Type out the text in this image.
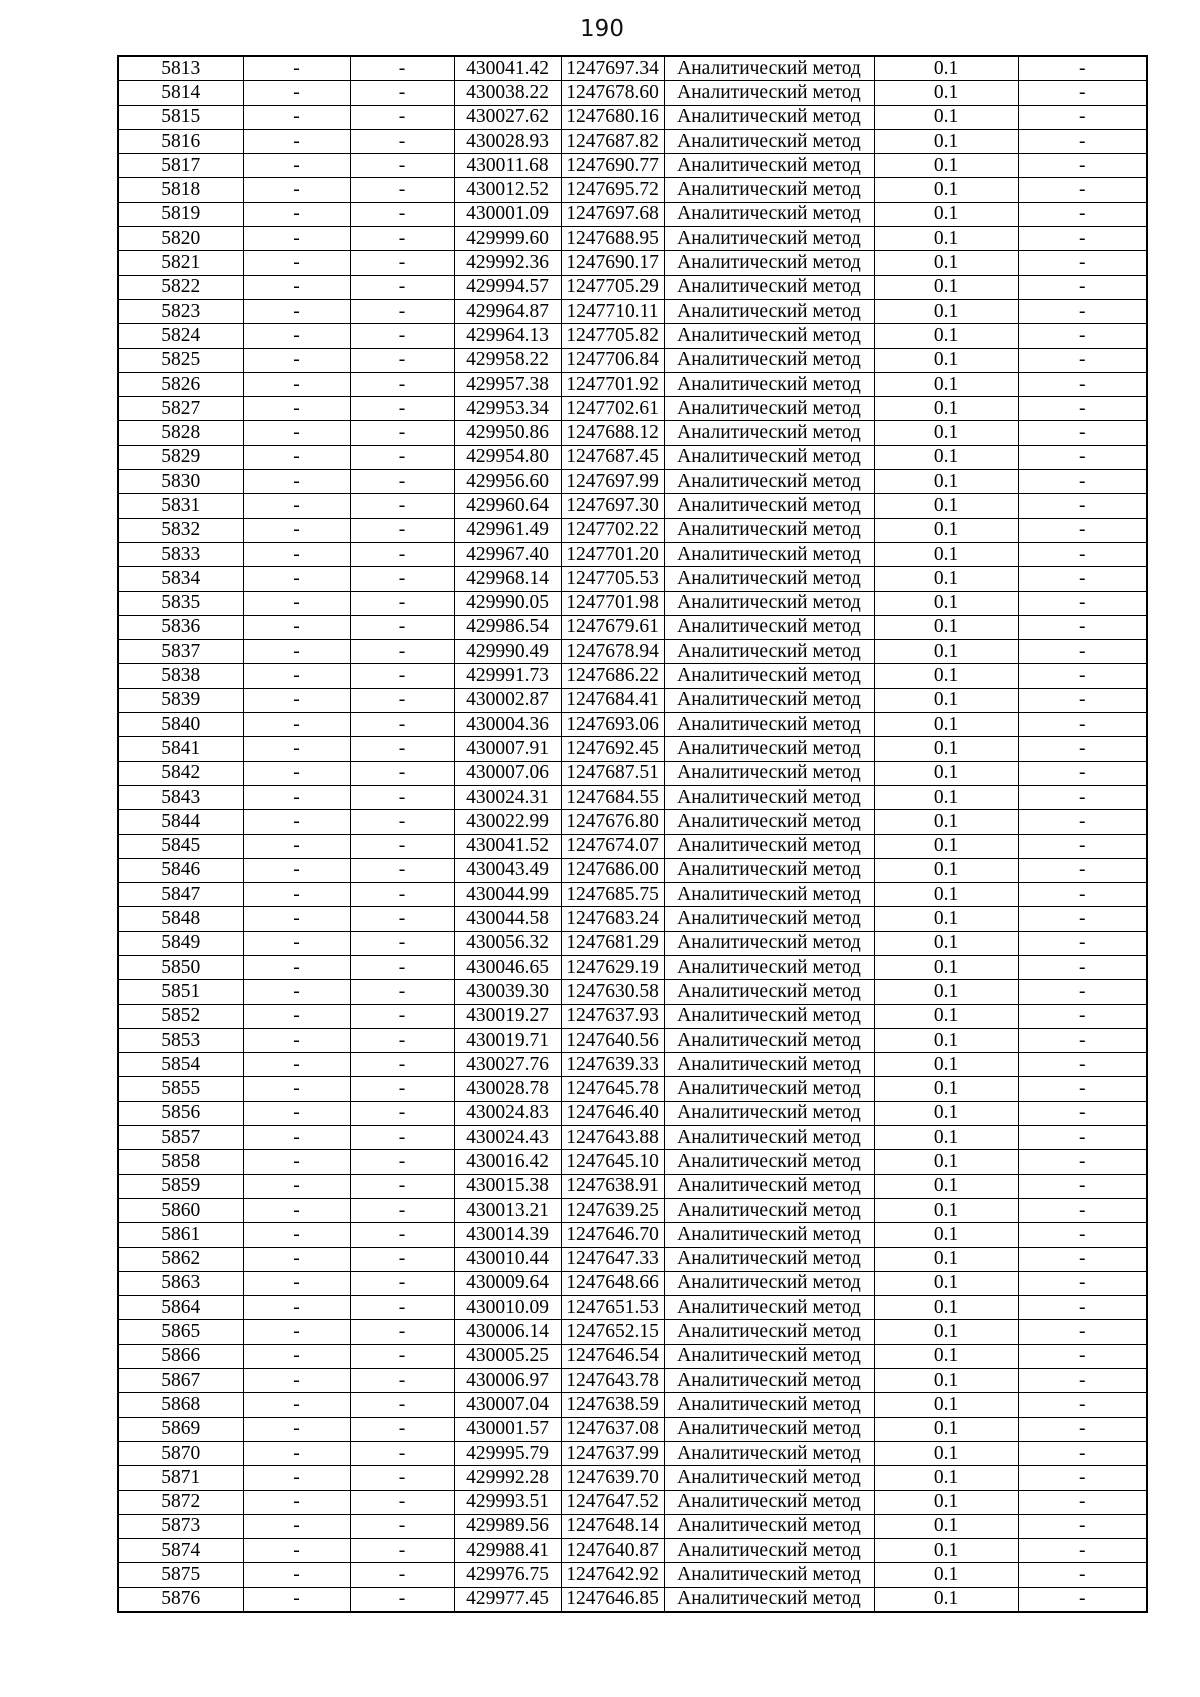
190
5813	-	-	430041.42	1247697.34	Аналитический метод	0.1	-
5814	-	-	430038.22	1247678.60	Аналитический метод	0.1	-
5815	-	-	430027.62	1247680.16	Аналитический метод	0.1	-
5816	-	-	430028.93	1247687.82	Аналитический метод	0.1	-
5817	-	-	430011.68	1247690.77	Аналитический метод	0.1	-
5818	-	-	430012.52	1247695.72	Аналитический метод	0.1	-
5819	-	-	430001.09	1247697.68	Аналитический метод	0.1	-
5820	-	-	429999.60	1247688.95	Аналитический метод	0.1	-
5821	-	-	429992.36	1247690.17	Аналитический метод	0.1	-
5822	-	-	429994.57	1247705.29	Аналитический метод	0.1	-
5823	-	-	429964.87	1247710.11	Аналитический метод	0.1	-
5824	-	-	429964.13	1247705.82	Аналитический метод	0.1	-
5825	-	-	429958.22	1247706.84	Аналитический метод	0.1	-
5826	-	-	429957.38	1247701.92	Аналитический метод	0.1	-
5827	-	-	429953.34	1247702.61	Аналитический метод	0.1	-
5828	-	-	429950.86	1247688.12	Аналитический метод	0.1	-
5829	-	-	429954.80	1247687.45	Аналитический метод	0.1	-
5830	-	-	429956.60	1247697.99	Аналитический метод	0.1	-
5831	-	-	429960.64	1247697.30	Аналитический метод	0.1	-
5832	-	-	429961.49	1247702.22	Аналитический метод	0.1	-
5833	-	-	429967.40	1247701.20	Аналитический метод	0.1	-
5834	-	-	429968.14	1247705.53	Аналитический метод	0.1	-
5835	-	-	429990.05	1247701.98	Аналитический метод	0.1	-
5836	-	-	429986.54	1247679.61	Аналитический метод	0.1	-
5837	-	-	429990.49	1247678.94	Аналитический метод	0.1	-
5838	-	-	429991.73	1247686.22	Аналитический метод	0.1	-
5839	-	-	430002.87	1247684.41	Аналитический метод	0.1	-
5840	-	-	430004.36	1247693.06	Аналитический метод	0.1	-
5841	-	-	430007.91	1247692.45	Аналитический метод	0.1	-
5842	-	-	430007.06	1247687.51	Аналитический метод	0.1	-
5843	-	-	430024.31	1247684.55	Аналитический метод	0.1	-
5844	-	-	430022.99	1247676.80	Аналитический метод	0.1	-
5845	-	-	430041.52	1247674.07	Аналитический метод	0.1	-
5846	-	-	430043.49	1247686.00	Аналитический метод	0.1	-
5847	-	-	430044.99	1247685.75	Аналитический метод	0.1	-
5848	-	-	430044.58	1247683.24	Аналитический метод	0.1	-
5849	-	-	430056.32	1247681.29	Аналитический метод	0.1	-
5850	-	-	430046.65	1247629.19	Аналитический метод	0.1	-
5851	-	-	430039.30	1247630.58	Аналитический метод	0.1	-
5852	-	-	430019.27	1247637.93	Аналитический метод	0.1	-
5853	-	-	430019.71	1247640.56	Аналитический метод	0.1	-
5854	-	-	430027.76	1247639.33	Аналитический метод	0.1	-
5855	-	-	430028.78	1247645.78	Аналитический метод	0.1	-
5856	-	-	430024.83	1247646.40	Аналитический метод	0.1	-
5857	-	-	430024.43	1247643.88	Аналитический метод	0.1	-
5858	-	-	430016.42	1247645.10	Аналитический метод	0.1	-
5859	-	-	430015.38	1247638.91	Аналитический метод	0.1	-
5860	-	-	430013.21	1247639.25	Аналитический метод	0.1	-
5861	-	-	430014.39	1247646.70	Аналитический метод	0.1	-
5862	-	-	430010.44	1247647.33	Аналитический метод	0.1	-
5863	-	-	430009.64	1247648.66	Аналитический метод	0.1	-
5864	-	-	430010.09	1247651.53	Аналитический метод	0.1	-
5865	-	-	430006.14	1247652.15	Аналитический метод	0.1	-
5866	-	-	430005.25	1247646.54	Аналитический метод	0.1	-
5867	-	-	430006.97	1247643.78	Аналитический метод	0.1	-
5868	-	-	430007.04	1247638.59	Аналитический метод	0.1	-
5869	-	-	430001.57	1247637.08	Аналитический метод	0.1	-
5870	-	-	429995.79	1247637.99	Аналитический метод	0.1	-
5871	-	-	429992.28	1247639.70	Аналитический метод	0.1	-
5872	-	-	429993.51	1247647.52	Аналитический метод	0.1	-
5873	-	-	429989.56	1247648.14	Аналитический метод	0.1	-
5874	-	-	429988.41	1247640.87	Аналитический метод	0.1	-
5875	-	-	429976.75	1247642.92	Аналитический метод	0.1	-
5876	-	-	429977.45	1247646.85	Аналитический метод	0.1	-
